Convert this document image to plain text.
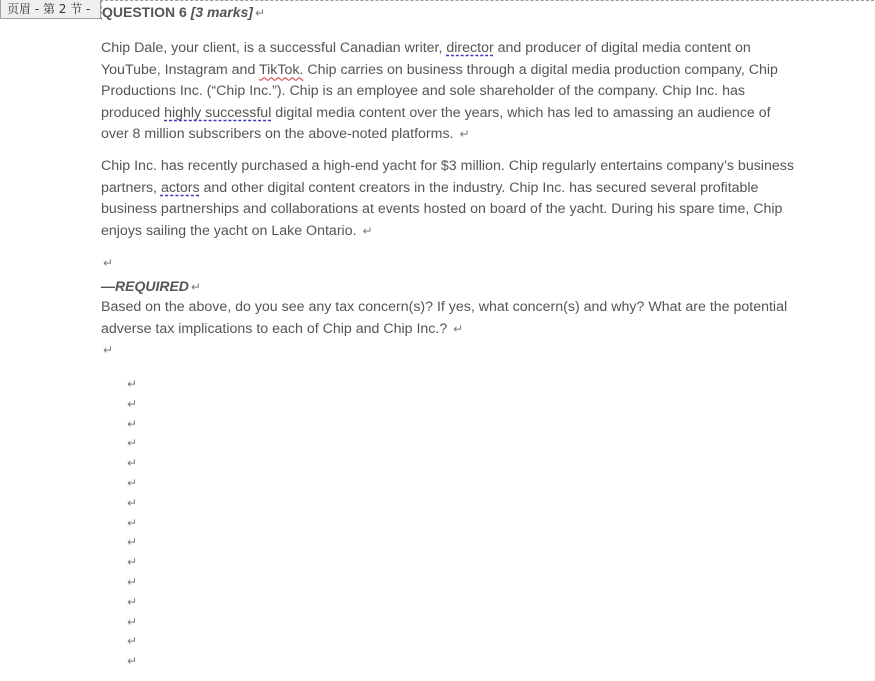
页眉 - 第 2 节 - QUESTION 6 [3 marks] ↵
Chip Dale, your client, is a successful Canadian writer, director and producer of digital media content on YouTube, Instagram and TikTok. Chip carries on business through a digital media production company, Chip Productions Inc. (“Chip Inc.”). Chip is an employee and sole shareholder of the company. Chip Inc. has produced highly successful digital media content over the years, which has led to amassing an audience of over 8 million subscribers on the above-noted platforms. ↵
Chip Inc. has recently purchased a high-end yacht for $3 million. Chip regularly entertains company’s business partners, actors and other digital content creators in the industry. Chip Inc. has secured several profitable business partnerships and collaborations at events hosted on board of the yacht. During his spare time, Chip enjoys sailing the yacht on Lake Ontario. ↵
↵
—REQUIRED ↵
Based on the above, do you see any tax concern(s)? If yes, what concern(s) and why? What are the potential adverse tax implications to each of Chip and Chip Inc.? ↵
↵
↵
↵
↵
↵
↵
↵
↵
↵
↵
↵
↵
↵
↵
↵
↵
